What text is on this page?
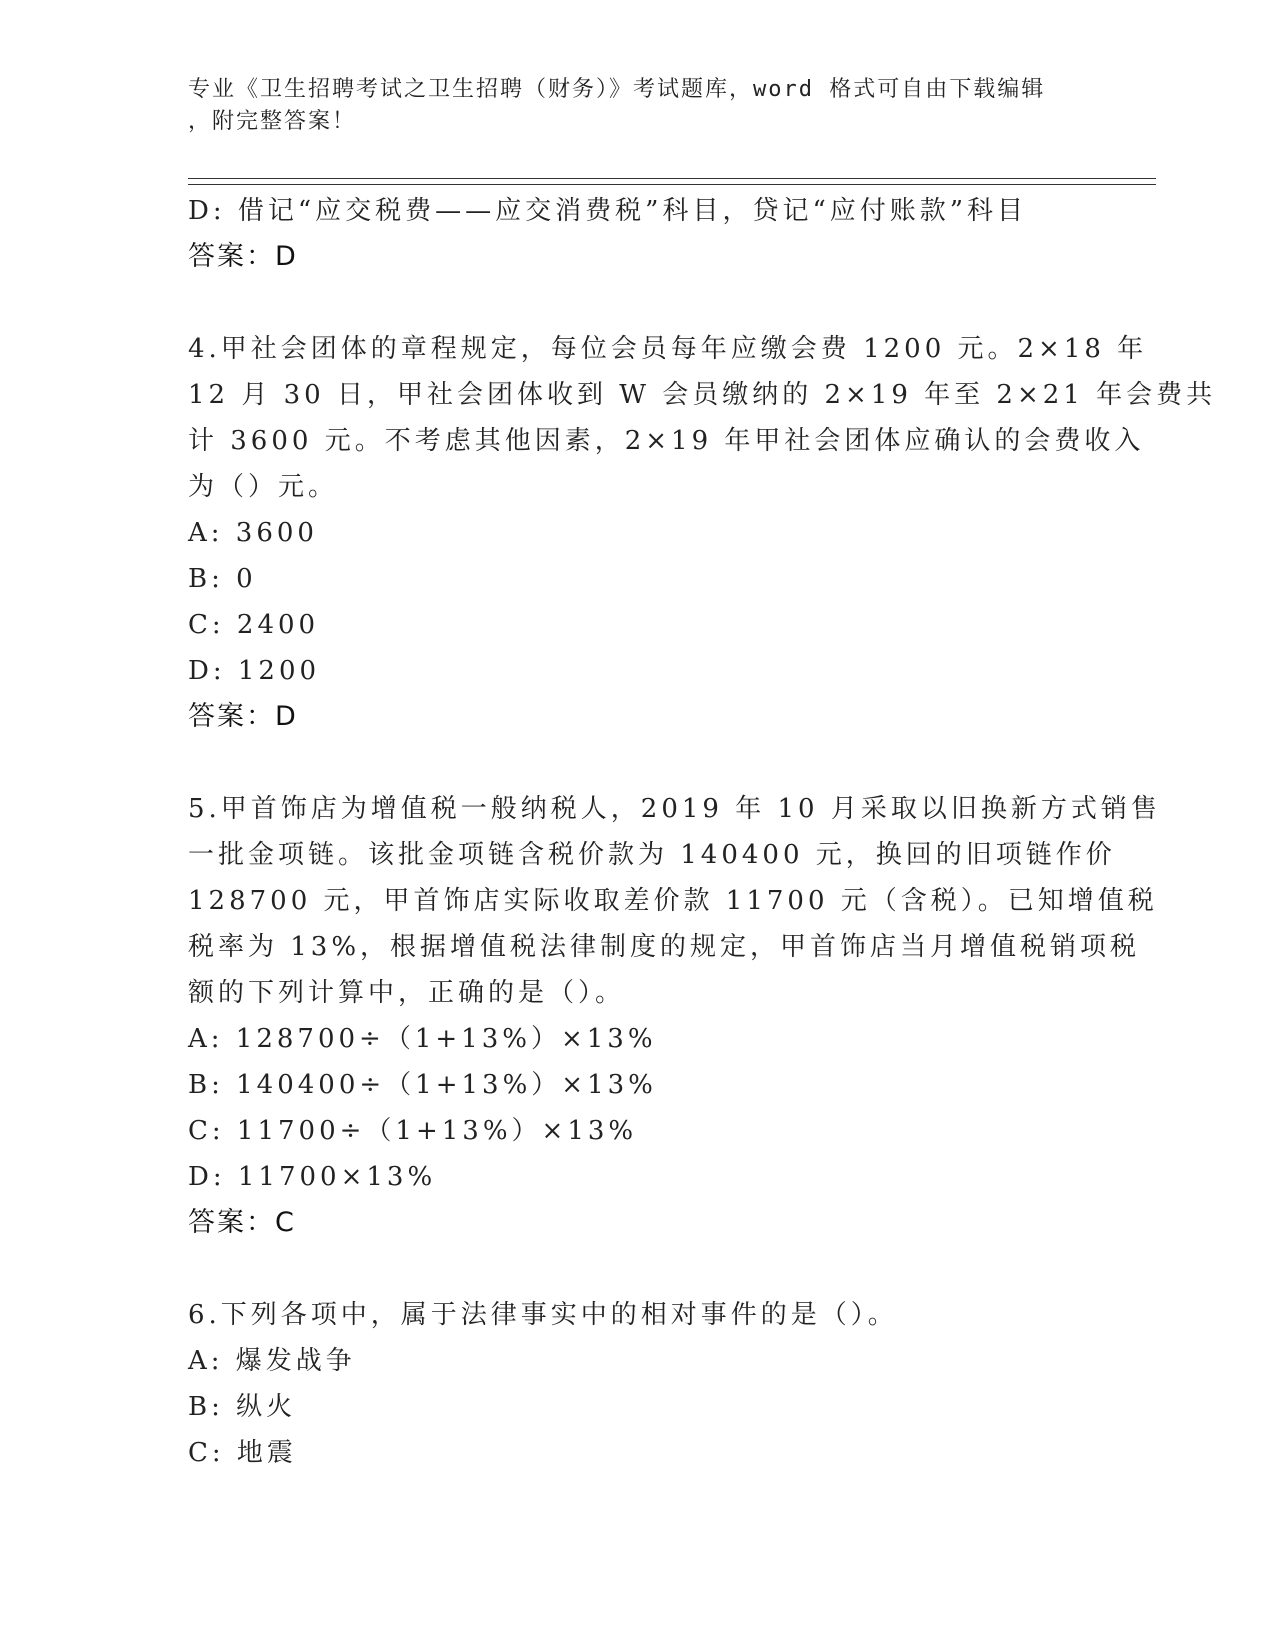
专业《卫生招聘考试之卫生招聘（财务）》考试题库，word 格式可自由下载编辑
，附完整答案！
D: 借记“应交税费——应交消费税”科目，贷记“应付账款”科目
答案：D
4.甲社会团体的章程规定，每位会员每年应缴会费 1200 元。2×18 年
12 月 30 日，甲社会团体收到 W 会员缴纳的 2×19 年至 2×21 年会费共
计 3600 元。不考虑其他因素，2×19 年甲社会团体应确认的会费收入
为（）元。
A: 3600
B: 0
C: 2400
D: 1200
答案：D
5.甲首饰店为增值税一般纳税人，2019 年 10 月采取以旧换新方式销售
一批金项链。该批金项链含税价款为 140400 元，换回的旧项链作价
128700 元，甲首饰店实际收取差价款 11700 元（含税）。已知增值税
税率为 13%，根据增值税法律制度的规定，甲首饰店当月增值税销项税
额的下列计算中，正确的是（）。
A: 128700÷（1+13%）×13%
B: 140400÷（1+13%）×13%
C: 11700÷（1+13%）×13%
D: 11700×13%
答案：C
6.下列各项中，属于法律事实中的相对事件的是（）。
A: 爆发战争
B: 纵火
C: 地震
